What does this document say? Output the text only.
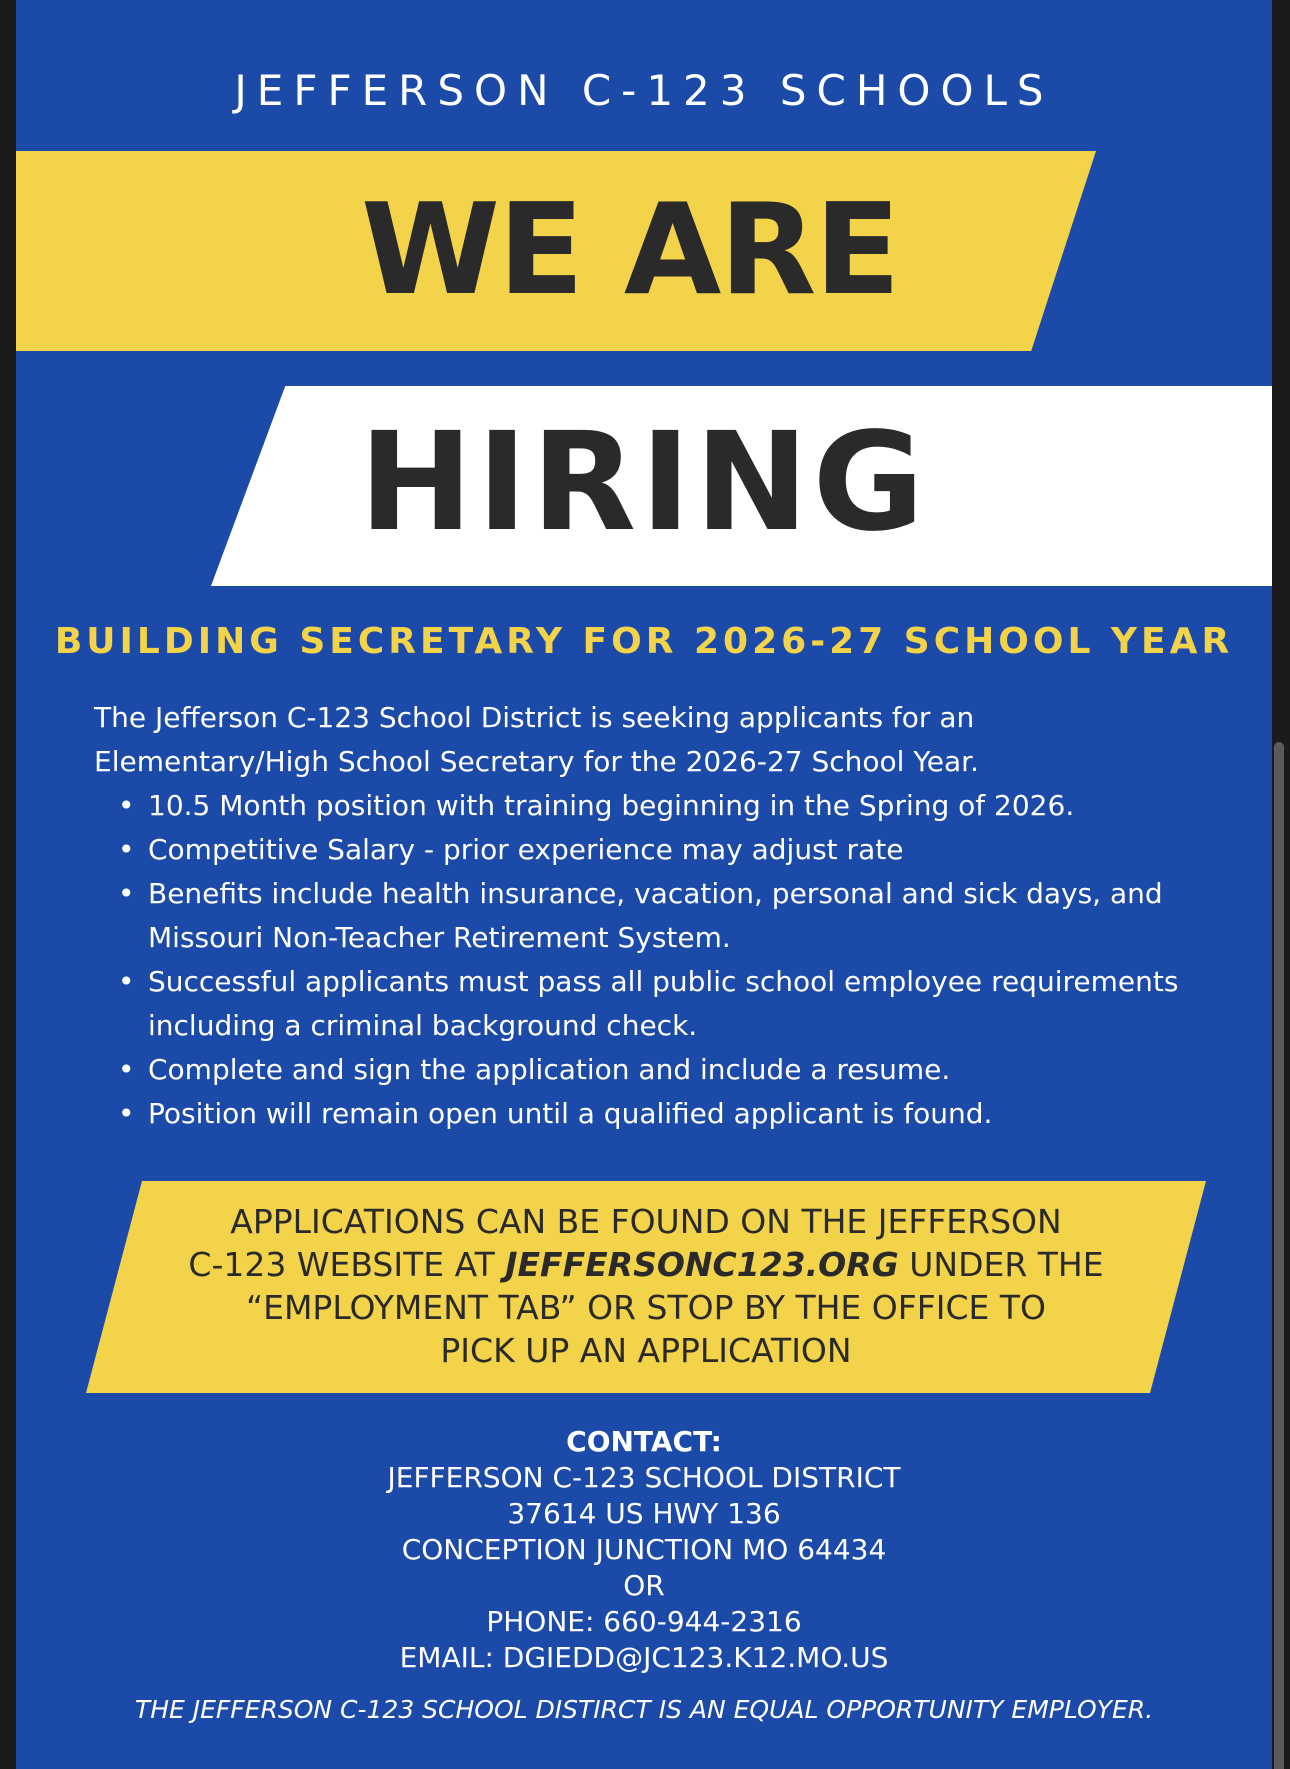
JEFFERSON C-123 SCHOOLS
WE ARE
HIRING
BUILDING SECRETARY FOR 2026-27 SCHOOL YEAR

The Jefferson C-123 School District is seeking applicants for an
Elementary/High School Secretary for the 2026-27 School Year.

• 10.5 Month position with training beginning in the Spring of 2026.
• Competitive Salary - prior experience may adjust rate
• Benefits include health insurance, vacation, personal and sick days, and Missouri Non-Teacher Retirement System.
• Successful applicants must pass all public school employee requirements including a criminal background check.
• Complete and sign the application and include a resume.
• Position will remain open until a qualified applicant is found.

APPLICATIONS CAN BE FOUND ON THE JEFFERSON
C-123 WEBSITE AT JEFFERSONC123.ORG UNDER THE
“EMPLOYMENT TAB” OR STOP BY THE OFFICE TO
PICK UP AN APPLICATION

CONTACT:
JEFFERSON C-123 SCHOOL DISTRICT
37614 US HWY 136
CONCEPTION JUNCTION MO 64434
OR
PHONE: 660-944-2316
EMAIL: DGIEDD@JC123.K12.MO.US

THE JEFFERSON C-123 SCHOOL DISTIRCT IS AN EQUAL OPPORTUNITY EMPLOYER.
